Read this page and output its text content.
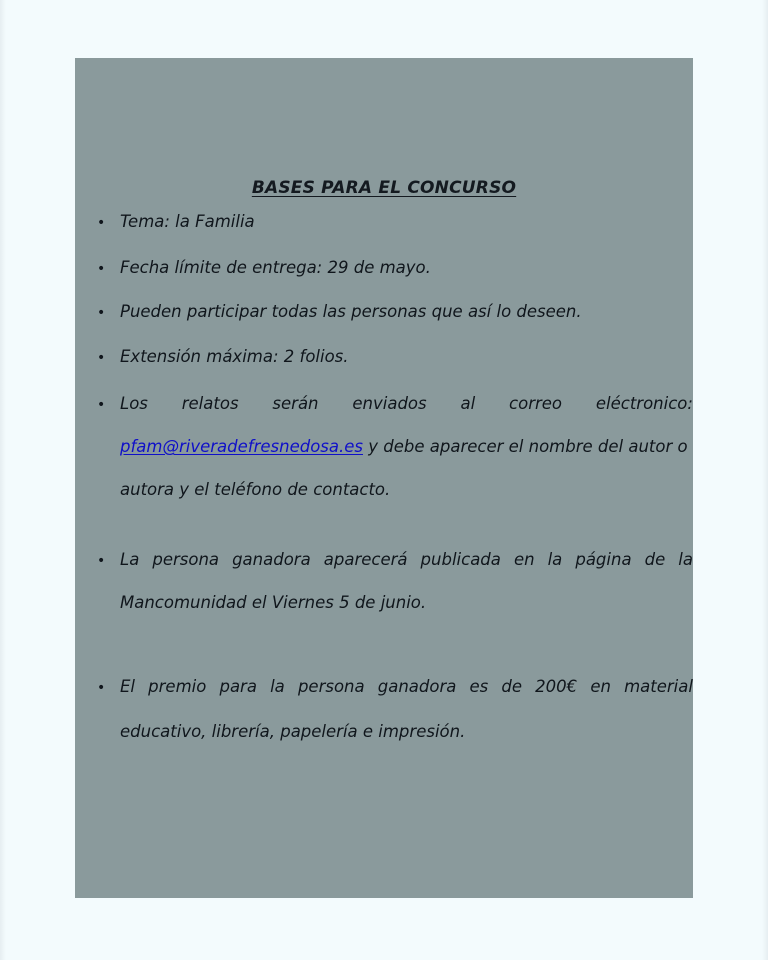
BASES PARA EL CONCURSO
• Tema: la Familia
• Fecha límite de entrega: 29 de mayo.
• Pueden participar todas las personas que así lo deseen.
• Extensión máxima: 2 folios.
• Los relatos serán enviados al correo eléctronico:
pfam@riveradefresnedosa.es y debe aparecer el nombre del autor o
autora y el teléfono de contacto.
• La persona ganadora aparecerá publicada en la página de la
Mancomunidad el Viernes 5 de junio.
• El premio para la persona ganadora es de 200€ en material
educativo, librería, papelería e impresión.
